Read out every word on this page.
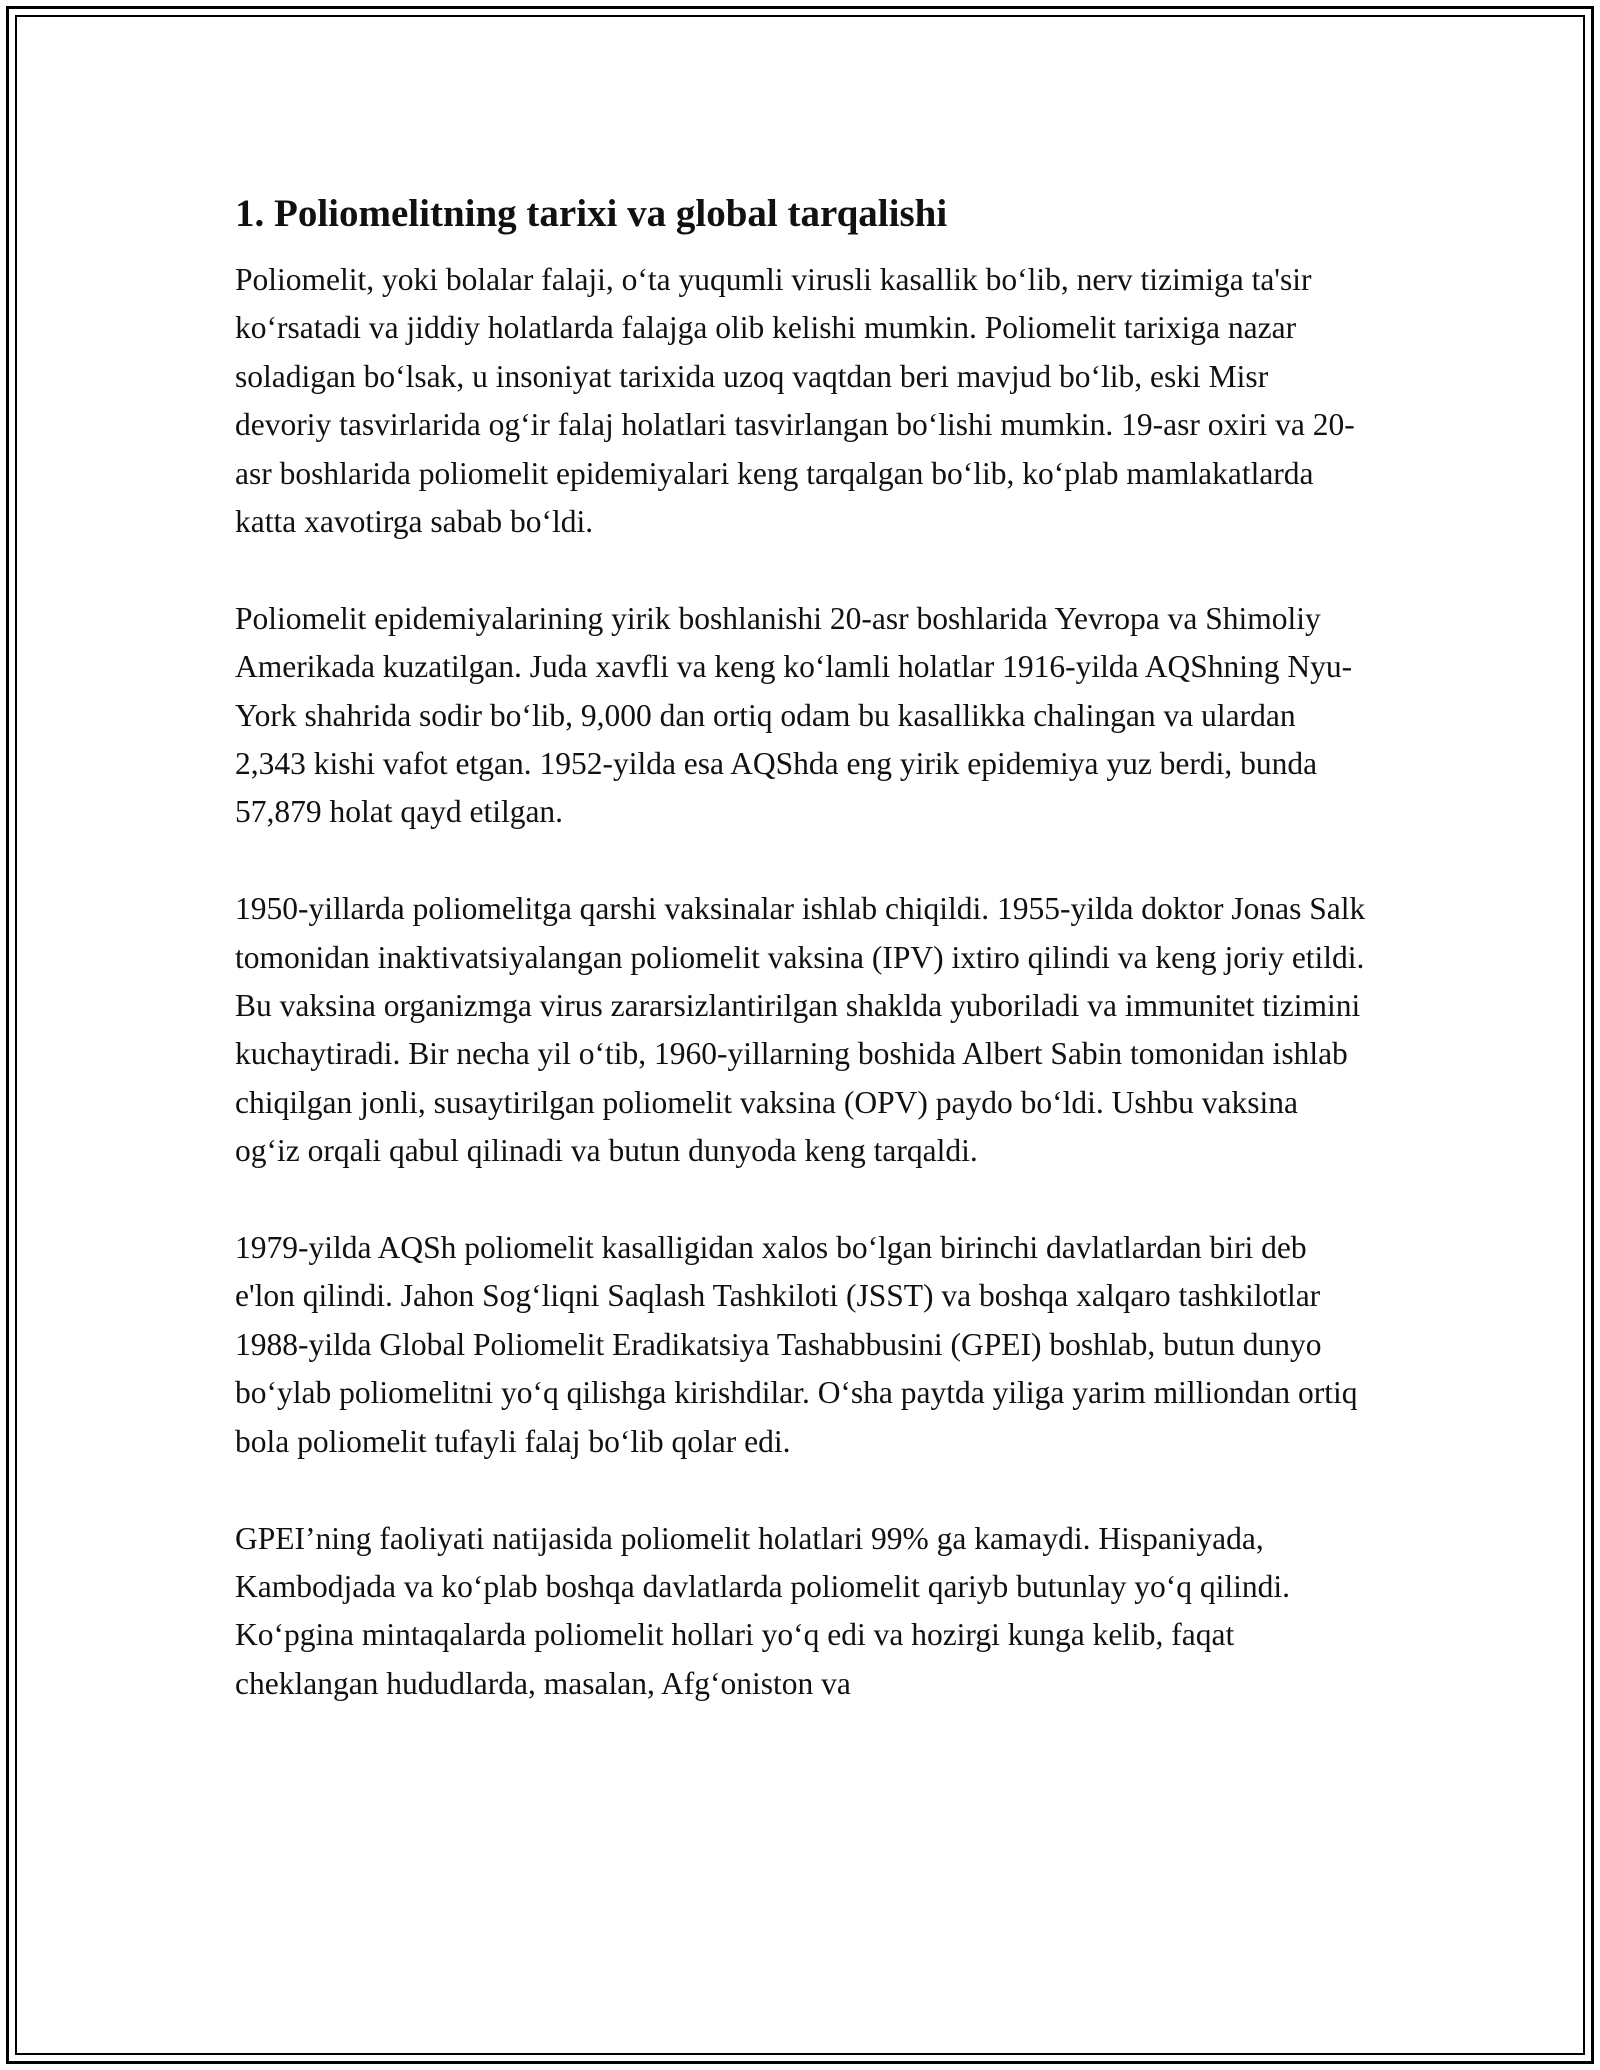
1. Poliomelitning tarixi va global tarqalishi

Poliomelit, yoki bolalar falaji, o‘ta yuqumli virusli kasallik bo‘lib, nerv tizimiga ta'sir ko‘rsatadi va jiddiy holatlarda falajga olib kelishi mumkin. Poliomelit tarixiga nazar soladigan bo‘lsak, u insoniyat tarixida uzoq vaqtdan beri mavjud bo‘lib, eski Misr devoriy tasvirlarida og‘ir falaj holatlari tasvirlangan bo‘lishi mumkin. 19-asr oxiri va 20-asr boshlarida poliomelit epidemiyalari keng tarqalgan bo‘lib, ko‘plab mamlakatlarda katta xavotirga sabab bo‘ldi.

Poliomelit epidemiyalarining yirik boshlanishi 20-asr boshlarida Yevropa va Shimoliy Amerikada kuzatilgan. Juda xavfli va keng ko‘lamli holatlar 1916-yilda AQShning Nyu-York shahrida sodir bo‘lib, 9,000 dan ortiq odam bu kasallikka chalingan va ulardan 2,343 kishi vafot etgan. 1952-yilda esa AQShda eng yirik epidemiya yuz berdi, bunda 57,879 holat qayd etilgan.

1950-yillarda poliomelitga qarshi vaksinalar ishlab chiqildi. 1955-yilda doktor Jonas Salk tomonidan inaktivatsiyalangan poliomelit vaksina (IPV) ixtiro qilindi va keng joriy etildi. Bu vaksina organizmga virus zararsizlantirilgan shaklda yuboriladi va immunitet tizimini kuchaytiradi. Bir necha yil o‘tib, 1960-yillarning boshida Albert Sabin tomonidan ishlab chiqilgan jonli, susaytirilgan poliomelit vaksina (OPV) paydo bo‘ldi. Ushbu vaksina og‘iz orqali qabul qilinadi va butun dunyoda keng tarqaldi.

1979-yilda AQSh poliomelit kasalligidan xalos bo‘lgan birinchi davlatlardan biri deb e'lon qilindi. Jahon Sog‘liqni Saqlash Tashkiloti (JSST) va boshqa xalqaro tashkilotlar 1988-yilda Global Poliomelit Eradikatsiya Tashabbusini (GPEI) boshlab, butun dunyo bo‘ylab poliomelitni yo‘q qilishga kirishdilar. O‘sha paytda yiliga yarim milliondan ortiq bola poliomelit tufayli falaj bo‘lib qolar edi.

GPEI’ning faoliyati natijasida poliomelit holatlari 99% ga kamaydi. Hispaniyada, Kambodjada va ko‘plab boshqa davlatlarda poliomelit qariyb butunlay yo‘q qilindi. Ko‘pgina mintaqalarda poliomelit hollari yo‘q edi va hozirgi kunga kelib, faqat cheklangan hududlarda, masalan, Afg‘oniston va
